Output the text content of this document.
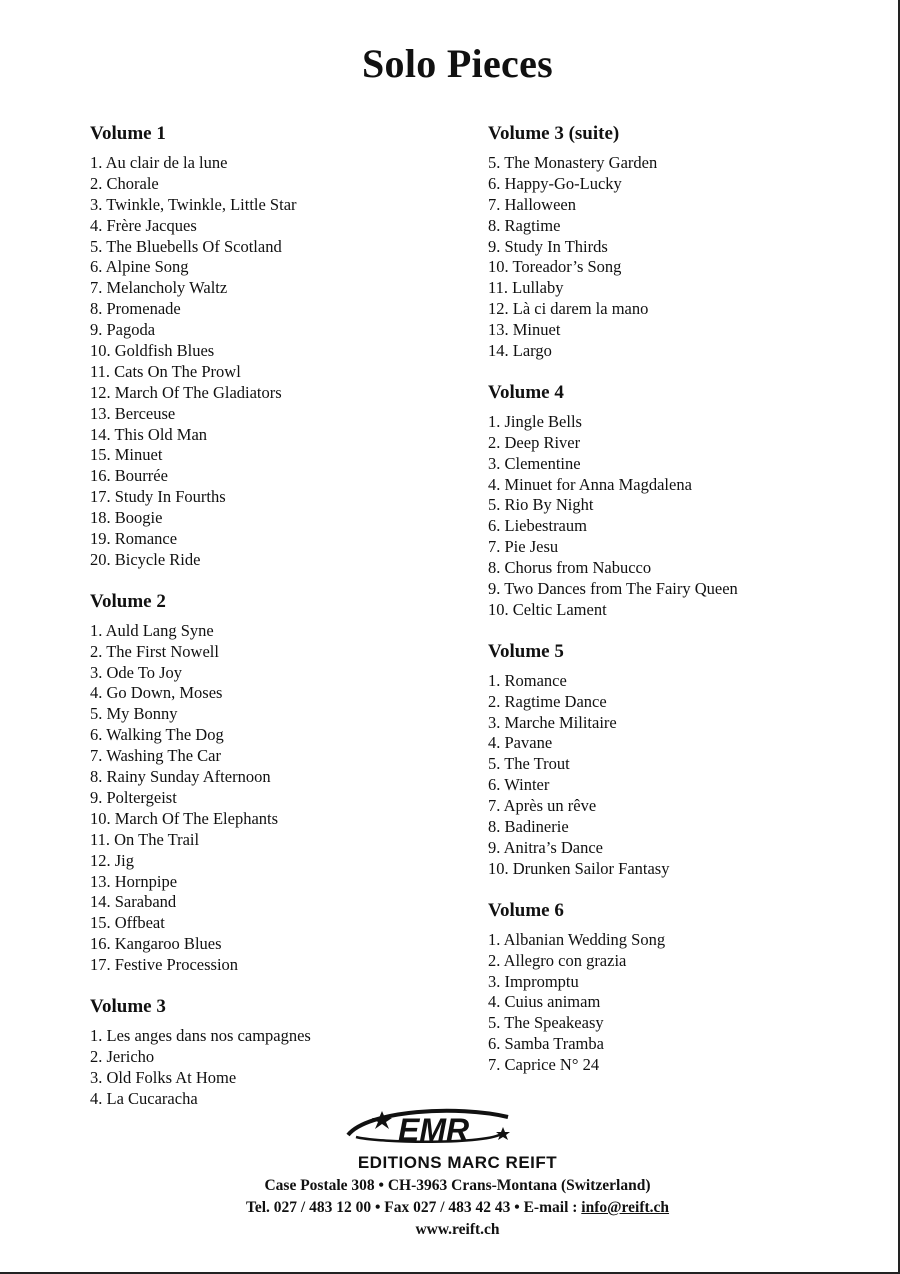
Solo Pieces
Volume 1
1. Au clair de la lune
2. Chorale
3. Twinkle, Twinkle, Little Star
4. Frère Jacques
5. The Bluebells Of Scotland
6. Alpine Song
7. Melancholy Waltz
8. Promenade
9. Pagoda
10. Goldfish Blues
11. Cats On The Prowl
12. March Of The Gladiators
13. Berceuse
14. This Old Man
15. Minuet
16. Bourrée
17. Study In Fourths
18. Boogie
19. Romance
20. Bicycle Ride
Volume 2
1. Auld Lang Syne
2. The First Nowell
3. Ode To Joy
4. Go Down, Moses
5. My Bonny
6. Walking The Dog
7. Washing The Car
8. Rainy Sunday Afternoon
9. Poltergeist
10. March Of The Elephants
11. On The Trail
12. Jig
13. Hornpipe
14. Saraband
15. Offbeat
16. Kangaroo Blues
17. Festive Procession
Volume 3
1. Les anges dans nos campagnes
2. Jericho
3. Old Folks At Home
4. La Cucaracha
Volume 3 (suite)
5. The Monastery Garden
6. Happy-Go-Lucky
7. Halloween
8. Ragtime
9. Study In Thirds
10. Toreador’s Song
11. Lullaby
12. Là ci darem la mano
13. Minuet
14. Largo
Volume 4
1. Jingle Bells
2. Deep River
3. Clementine
4. Minuet for Anna Magdalena
5. Rio By Night
6. Liebestraum
7. Pie Jesu
8. Chorus from Nabucco
9. Two Dances from The Fairy Queen
10. Celtic Lament
Volume 5
1. Romance
2. Ragtime Dance
3. Marche Militaire
4. Pavane
5. The Trout
6. Winter
7. Après un rêve
8. Badinerie
9. Anitra’s Dance
10. Drunken Sailor Fantasy
Volume 6
1. Albanian Wedding Song
2. Allegro con grazia
3. Impromptu
4. Cuius animam
5. The Speakeasy
6. Samba Tramba
7. Caprice N° 24
EMR
EDITIONS MARC REIFT
Case Postale 308 • CH-3963 Crans-Montana (Switzerland)
Tel. 027 / 483 12 00 • Fax 027 / 483 42 43 • E-mail : info@reift.ch
www.reift.ch
